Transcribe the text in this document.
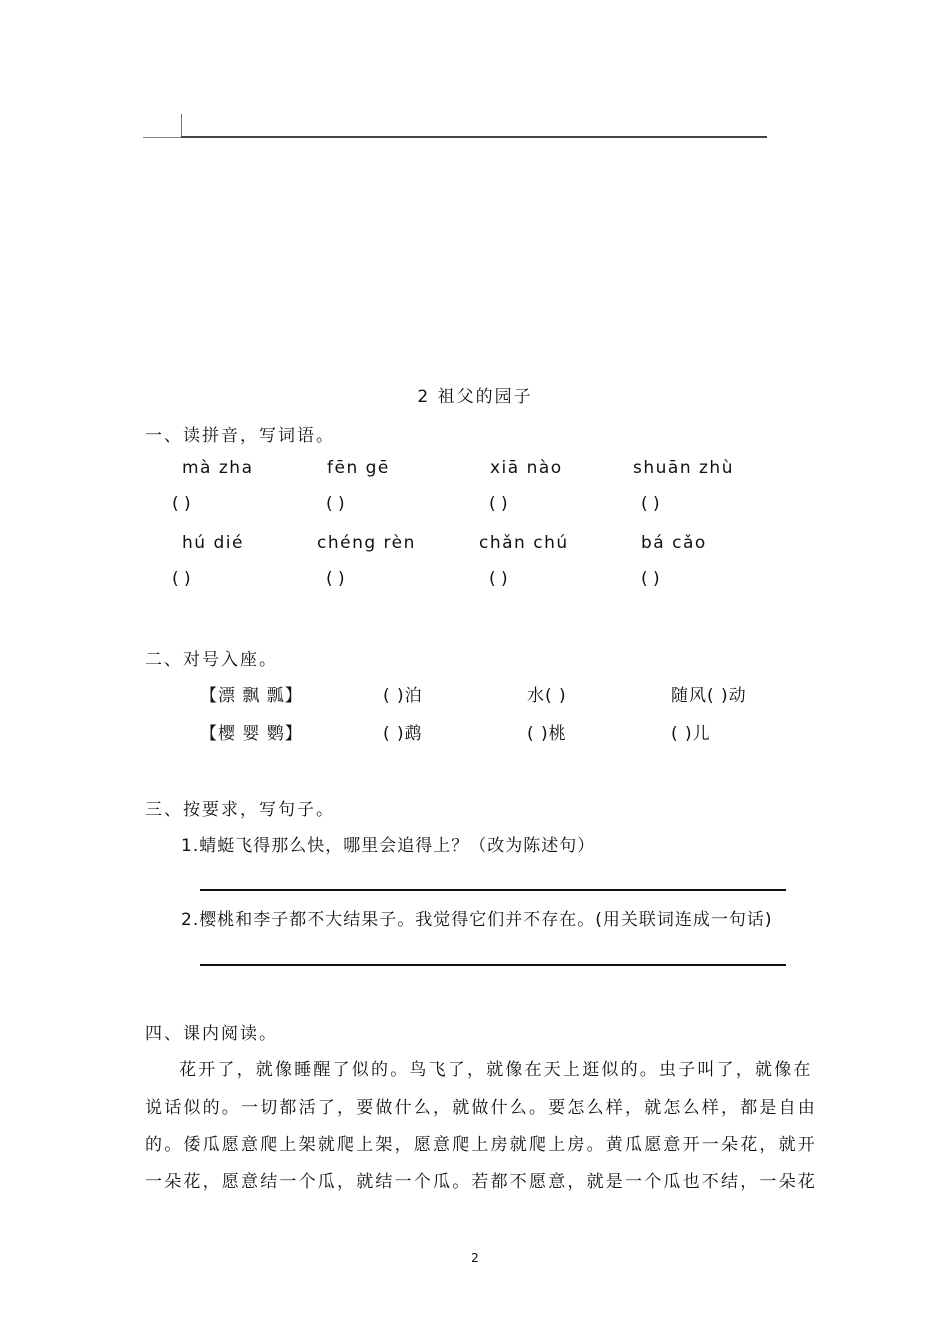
2 祖父的园子
一、读拼音，写词语。
mà zha	fēn gē	xiā nào	shuān zhù
( )	( )	( )	( )
hú dié	chéng rèn	chǎn chú	bá cǎo
( )	( )	( )	( )
二、对号入座。
【漂 飘 瓢】	( )泊	水( )	随风( )动
【樱 婴 鹦】	( )鹉	( )桃	( )儿
三、按要求，写句子。
1.蜻蜓飞得那么快，哪里会追得上？（改为陈述句）
2.樱桃和李子都不大结果子。我觉得它们并不存在。(用关联词连成一句话)
四、课内阅读。
花开了，就像睡醒了似的。鸟飞了，就像在天上逛似的。虫子叫了，就像在
说话似的。一切都活了，要做什么，就做什么。要怎么样，就怎么样，都是自由
的。倭瓜愿意爬上架就爬上架，愿意爬上房就爬上房。黄瓜愿意开一朵花，就开
一朵花，愿意结一个瓜，就结一个瓜。若都不愿意，就是一个瓜也不结，一朵花
2
